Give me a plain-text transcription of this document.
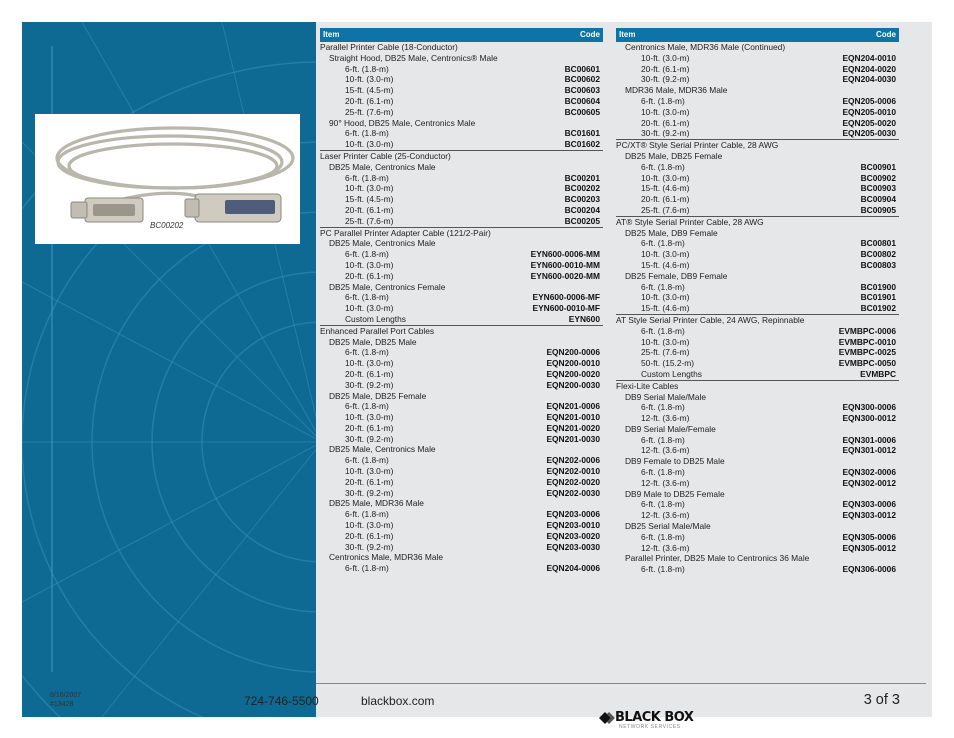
BC00202
8/16/2007
#13428	724-746-5500	blackbox.com
BLACK BOX
NETWORK SERVICES
3 of 3
Item	Code
Parallel Printer Cable (18-Conductor)
Straight Hood, DB25 Male, Centronics® Male
6-ft. (1.8-m)	BC00601
10-ft. (3.0-m)	BC00602
15-ft. (4.5-m)	BC00603
20-ft. (6.1-m)	BC00604
25-ft. (7.6-m)	BC00605
90° Hood, DB25 Male, Centronics Male
6-ft. (1.8-m)	BC01601
10-ft. (3.0-m)	BC01602
Laser Printer Cable (25-Conductor)
DB25 Male, Centronics Male
6-ft. (1.8-m)	BC00201
10-ft. (3.0-m)	BC00202
15-ft. (4.5-m)	BC00203
20-ft. (6.1-m)	BC00204
25-ft. (7.6-m)	BC00205
PC Parallel Printer Adapter Cable (121/2-Pair)
DB25 Male, Centronics Male
6-ft. (1.8-m)	EYN600-0006-MM
10-ft. (3.0-m)	EYN600-0010-MM
20-ft. (6.1-m)	EYN600-0020-MM
DB25 Male, Centronics Female
6-ft. (1.8-m)	EYN600-0006-MF
10-ft. (3.0-m)	EYN600-0010-MF
Custom Lengths	EYN600
Enhanced Parallel Port Cables
DB25 Male, DB25 Male
6-ft. (1.8-m)	EQN200-0006
10-ft. (3.0-m)	EQN200-0010
20-ft. (6.1-m)	EQN200-0020
30-ft. (9.2-m)	EQN200-0030
DB25 Male, DB25 Female
6-ft. (1.8-m)	EQN201-0006
10-ft. (3.0-m)	EQN201-0010
20-ft. (6.1-m)	EQN201-0020
30-ft. (9.2-m)	EQN201-0030
DB25 Male, Centronics Male
6-ft. (1.8-m)	EQN202-0006
10-ft. (3.0-m)	EQN202-0010
20-ft. (6.1-m)	EQN202-0020
30-ft. (9.2-m)	EQN202-0030
DB25 Male, MDR36 Male
6-ft. (1.8-m)	EQN203-0006
10-ft. (3.0-m)	EQN203-0010
20-ft. (6.1-m)	EQN203-0020
30-ft. (9.2-m)	EQN203-0030
Centronics Male, MDR36 Male
6-ft. (1.8-m)	EQN204-0006
Item	Code
Centronics Male, MDR36 Male (Continued)
10-ft. (3.0-m)	EQN204-0010
20-ft. (6.1-m)	EQN204-0020
30-ft. (9.2-m)	EQN204-0030
MDR36 Male, MDR36 Male
6-ft. (1.8-m)	EQN205-0006
10-ft. (3.0-m)	EQN205-0010
20-ft. (6.1-m)	EQN205-0020
30-ft. (9.2-m)	EQN205-0030
PC/XT® Style Serial Printer Cable, 28 AWG
DB25 Male, DB25 Female
6-ft. (1.8-m)	BC00901
10-ft. (3.0-m)	BC00902
15-ft. (4.6-m)	BC00903
20-ft. (6.1-m)	BC00904
25-ft. (7.6-m)	BC00905
AT® Style Serial Printer Cable, 28 AWG
DB25 Male, DB9 Female
6-ft. (1.8-m)	BC00801
10-ft. (3.0-m)	BC00802
15-ft. (4.6-m)	BC00803
DB25 Female, DB9 Female
6-ft. (1.8-m)	BC01900
10-ft. (3.0-m)	BC01901
15-ft. (4.6-m)	BC01902
AT Style Serial Printer Cable, 24 AWG, Repinnable
6-ft. (1.8-m)	EVMBPC-0006
10-ft. (3.0-m)	EVMBPC-0010
25-ft. (7.6-m)	EVMBPC-0025
50-ft. (15.2-m)	EVMBPC-0050
Custom Lengths	EVMBPC
Flexi-Lite Cables
DB9 Serial Male/Male
6-ft. (1.8-m)	EQN300-0006
12-ft. (3.6-m)	EQN300-0012
DB9 Serial Male/Female
6-ft. (1.8-m)	EQN301-0006
12-ft. (3.6-m)	EQN301-0012
DB9 Female to DB25 Male
6-ft. (1.8-m)	EQN302-0006
12-ft. (3.6-m)	EQN302-0012
DB9 Male to DB25 Female
6-ft. (1.8-m)	EQN303-0006
12-ft. (3.6-m)	EQN303-0012
DB25 Serial Male/Male
6-ft. (1.8-m)	EQN305-0006
12-ft. (3.6-m)	EQN305-0012
Parallel Printer, DB25 Male to Centronics 36 Male
6-ft. (1.8-m)	EQN306-0006
